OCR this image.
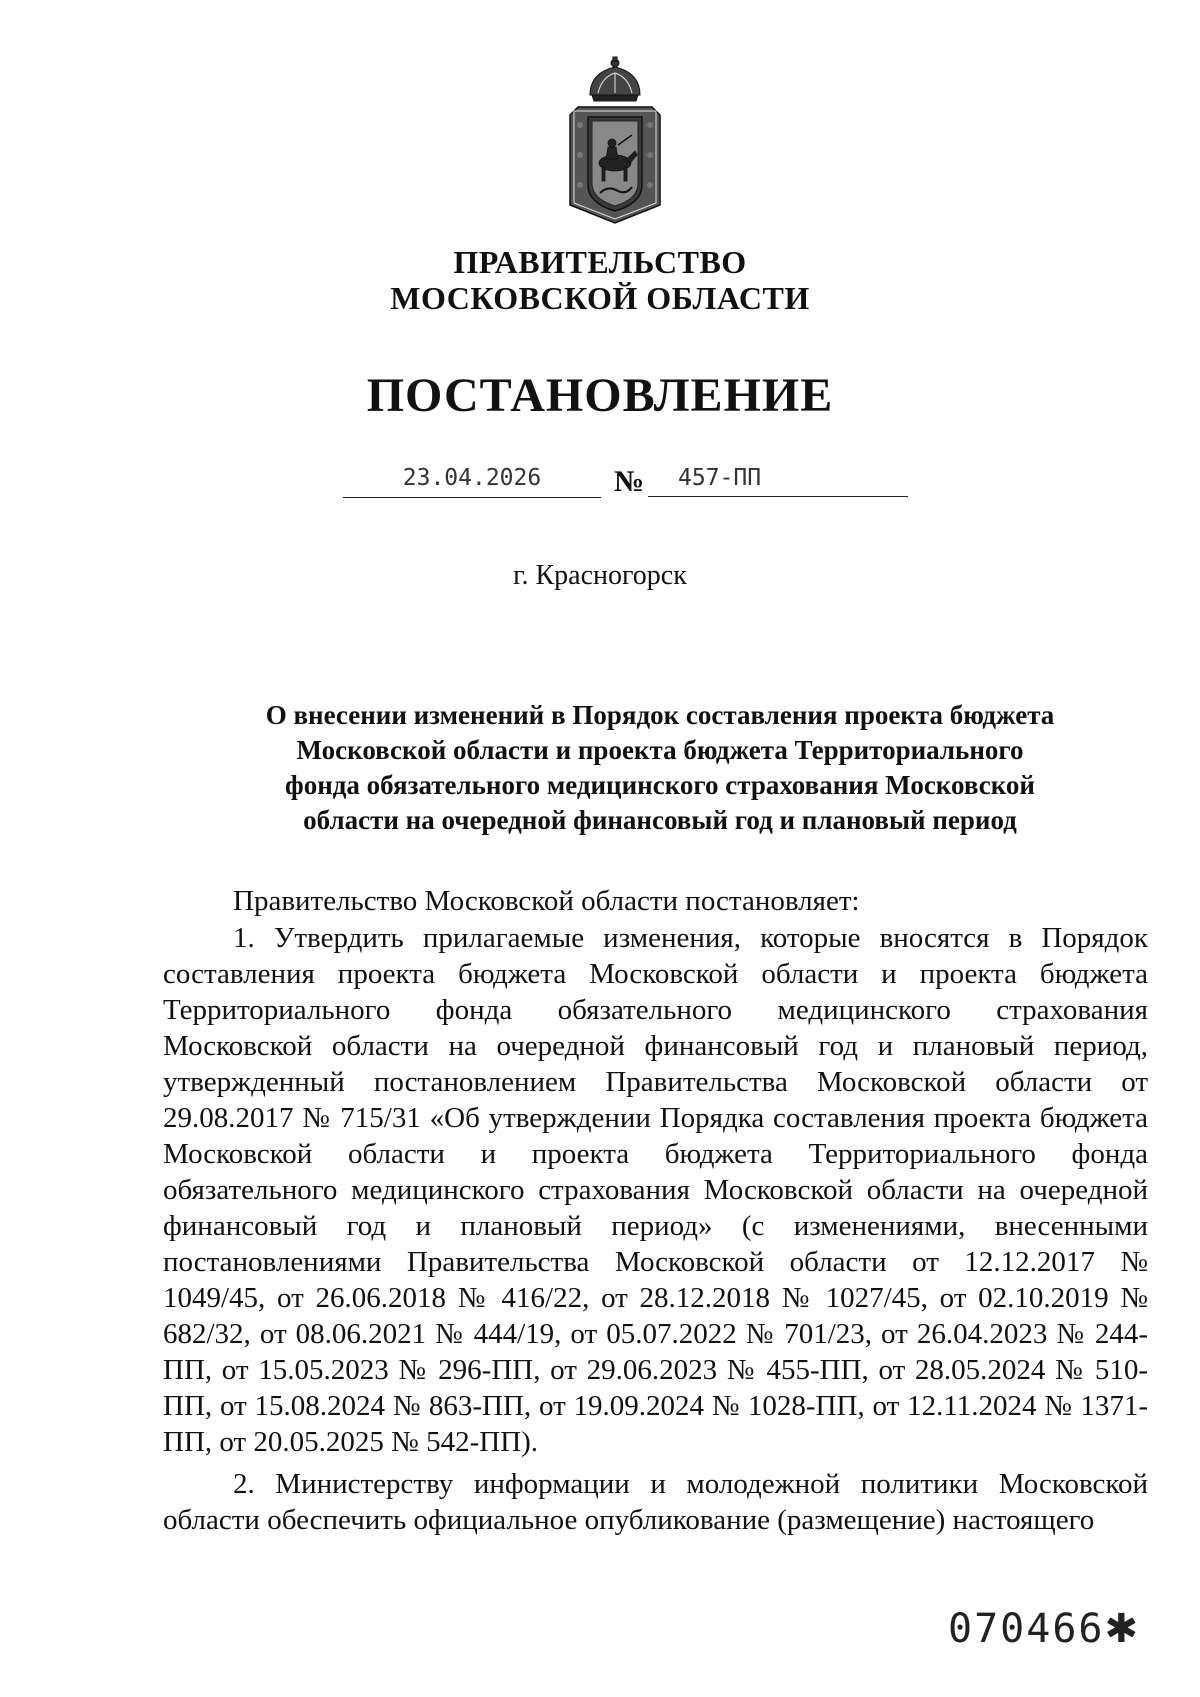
ПРАВИТЕЛЬСТВО
МОСКОВСКОЙ ОБЛАСТИ
ПОСТАНОВЛЕНИЕ
23.04.2026	№	457-ПП
г. Красногорск
О внесении изменений в Порядок составления проекта бюджета
Московской области и проекта бюджета Территориального
фонда обязательного медицинского страхования Московской
области на очередной финансовый год и плановый период

Правительство Московской области постановляет:

1. Утвердить прилагаемые изменения, которые вносятся в Порядок составления проекта бюджета Московской области и проекта бюджета Территориального фонда обязательного медицинского страхования Московской области на очередной финансовый год и плановый период, утвержденный постановлением Правительства Московской области от 29.08.2017 № 715/31 «Об утверждении Порядка составления проекта бюджета Московской области и проекта бюджета Территориального фонда обязательного медицинского страхования Московской области на очередной финансовый год и плановый период» (с изменениями, внесенными постановлениями Правительства Московской области от 12.12.2017 № 1049/45, от 26.06.2018 № 416/22, от 28.12.2018 № 1027/45, от 02.10.2019 № 682/32, от 08.06.2021 № 444/19, от 05.07.2022 № 701/23, от 26.04.2023 № 244-ПП, от 15.05.2023 № 296-ПП, от 29.06.2023 № 455-ПП, от 28.05.2024 № 510-ПП, от 15.08.2024 № 863-ПП, от 19.09.2024 № 1028-ПП, от 12.11.2024 № 1371-ПП, от 20.05.2025 № 542-ПП).

2. Министерству информации и молодежной политики Московской области обеспечить официальное опубликование (размещение) настоящего

070466✱
